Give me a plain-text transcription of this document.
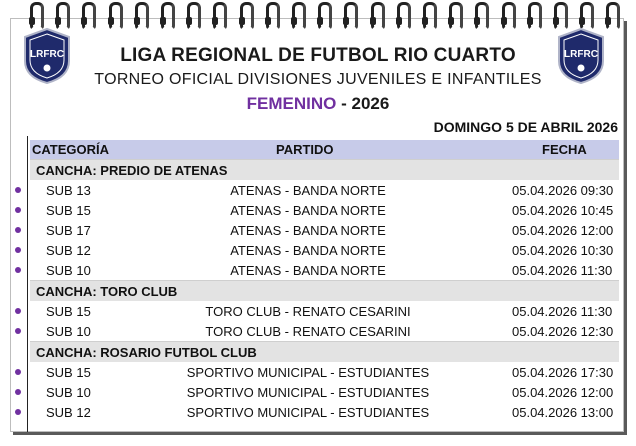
LRFRC	LRFRC
LIGA REGIONAL DE FUTBOL RIO CUARTO
TORNEO OFICIAL DIVISIONES JUVENILES E INFANTILES
FEMENINO - 2026
DOMINGO 5 DE ABRIL 2026
CATEGORÍA	PARTIDO	FECHA
CANCHA: PREDIO DE ATENAS
SUB 13	ATENAS - BANDA NORTE	05.04.2026 09:30
SUB 15	ATENAS - BANDA NORTE	05.04.2026 10:45
SUB 17	ATENAS - BANDA NORTE	05.04.2026 12:00
SUB 12	ATENAS - BANDA NORTE	05.04.2026 10:30
SUB 10	ATENAS - BANDA NORTE	05.04.2026 11:30
CANCHA: TORO CLUB
SUB 15	TORO CLUB - RENATO CESARINI	05.04.2026 11:30
SUB 10	TORO CLUB - RENATO CESARINI	05.04.2026 12:30
CANCHA: ROSARIO FUTBOL CLUB
SUB 15	SPORTIVO MUNICIPAL - ESTUDIANTES	05.04.2026 17:30
SUB 10	SPORTIVO MUNICIPAL - ESTUDIANTES	05.04.2026 12:00
SUB 12	SPORTIVO MUNICIPAL - ESTUDIANTES	05.04.2026 13:00
